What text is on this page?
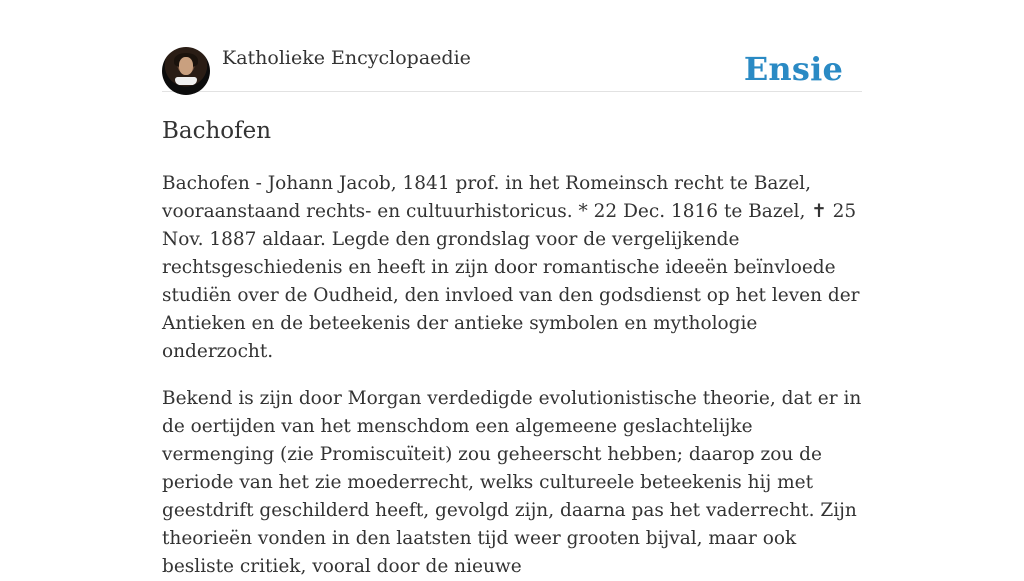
Katholieke Encyclopaedie	Ensie
Bachofen

Bachofen - Johann Jacob, 1841 prof. in het Romeinsch recht te Bazel, vooraanstaand rechts- en cultuurhistoricus. * 22 Dec. 1816 te Bazel, ✝ 25 Nov. 1887 aldaar. Legde den grondslag voor de vergelijkende rechtsgeschiedenis en heeft in zijn door romantische ideeën beïnvloede studiën over de Oudheid, den invloed van den godsdienst op het leven der Antieken en de beteekenis der antieke symbolen en mythologie onderzocht.

Bekend is zijn door Morgan verdedigde evolutionistische theorie, dat er in de oertijden van het menschdom een algemeene geslachtelijke vermenging (zie Promiscuïteit) zou geheerscht hebben; daarop zou de periode van het zie moederrecht, welks cultureele beteekenis hij met geestdrift geschilderd heeft, gevolgd zijn, daarna pas het vaderrecht. Zijn theorieën vonden in den laatsten tijd weer grooten bijval, maar ook besliste critiek, vooral door de nieuwe
